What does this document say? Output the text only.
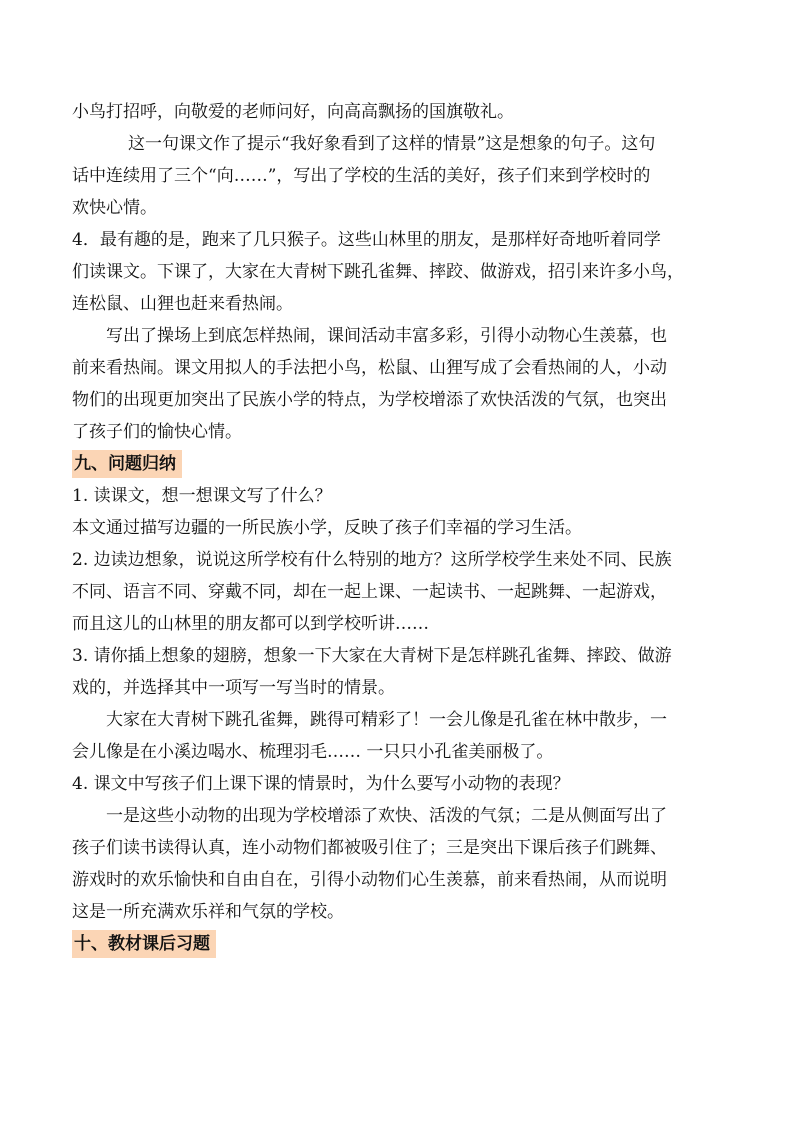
小鸟打招呼，向敬爱的老师问好，向高高飘扬的国旗敬礼。
这一句课文作了提示“我好象看到了这样的情景”这是想象的句子。这句
话中连续用了三个“向……”，写出了学校的生活的美好，孩子们来到学校时的
欢快心情。
4．最有趣的是，跑来了几只猴子。这些山林里的朋友，是那样好奇地听着同学
们读课文。下课了，大家在大青树下跳孔雀舞、摔跤、做游戏，招引来许多小鸟，
连松鼠、山狸也赶来看热闹。
写出了操场上到底怎样热闹，课间活动丰富多彩，引得小动物心生羡慕，也
前来看热闹。课文用拟人的手法把小鸟，松鼠、山狸写成了会看热闹的人，小动
物们的出现更加突出了民族小学的特点，为学校增添了欢快活泼的气氛，也突出
了孩子们的愉快心情。
九、问题归纳
1. 读课文，想一想课文写了什么？
本文通过描写边疆的一所民族小学，反映了孩子们幸福的学习生活。
2. 边读边想象，说说这所学校有什么特别的地方？这所学校学生来处不同、民族
不同、语言不同、穿戴不同，却在一起上课、一起读书、一起跳舞、一起游戏，
而且这儿的山林里的朋友都可以到学校听讲……
3. 请你插上想象的翅膀，想象一下大家在大青树下是怎样跳孔雀舞、摔跤、做游
戏的，并选择其中一项写一写当时的情景。
大家在大青树下跳孔雀舞，跳得可精彩了！一会儿像是孔雀在林中散步，一
会儿像是在小溪边喝水、梳理羽毛…… 一只只小孔雀美丽极了。
4. 课文中写孩子们上课下课的情景时，为什么要写小动物的表现？
一是这些小动物的出现为学校增添了欢快、活泼的气氛；二是从侧面写出了
孩子们读书读得认真，连小动物们都被吸引住了；三是突出下课后孩子们跳舞、
游戏时的欢乐愉快和自由自在，引得小动物们心生羡慕，前来看热闹，从而说明
这是一所充满欢乐祥和气氛的学校。
十、教材课后习题
